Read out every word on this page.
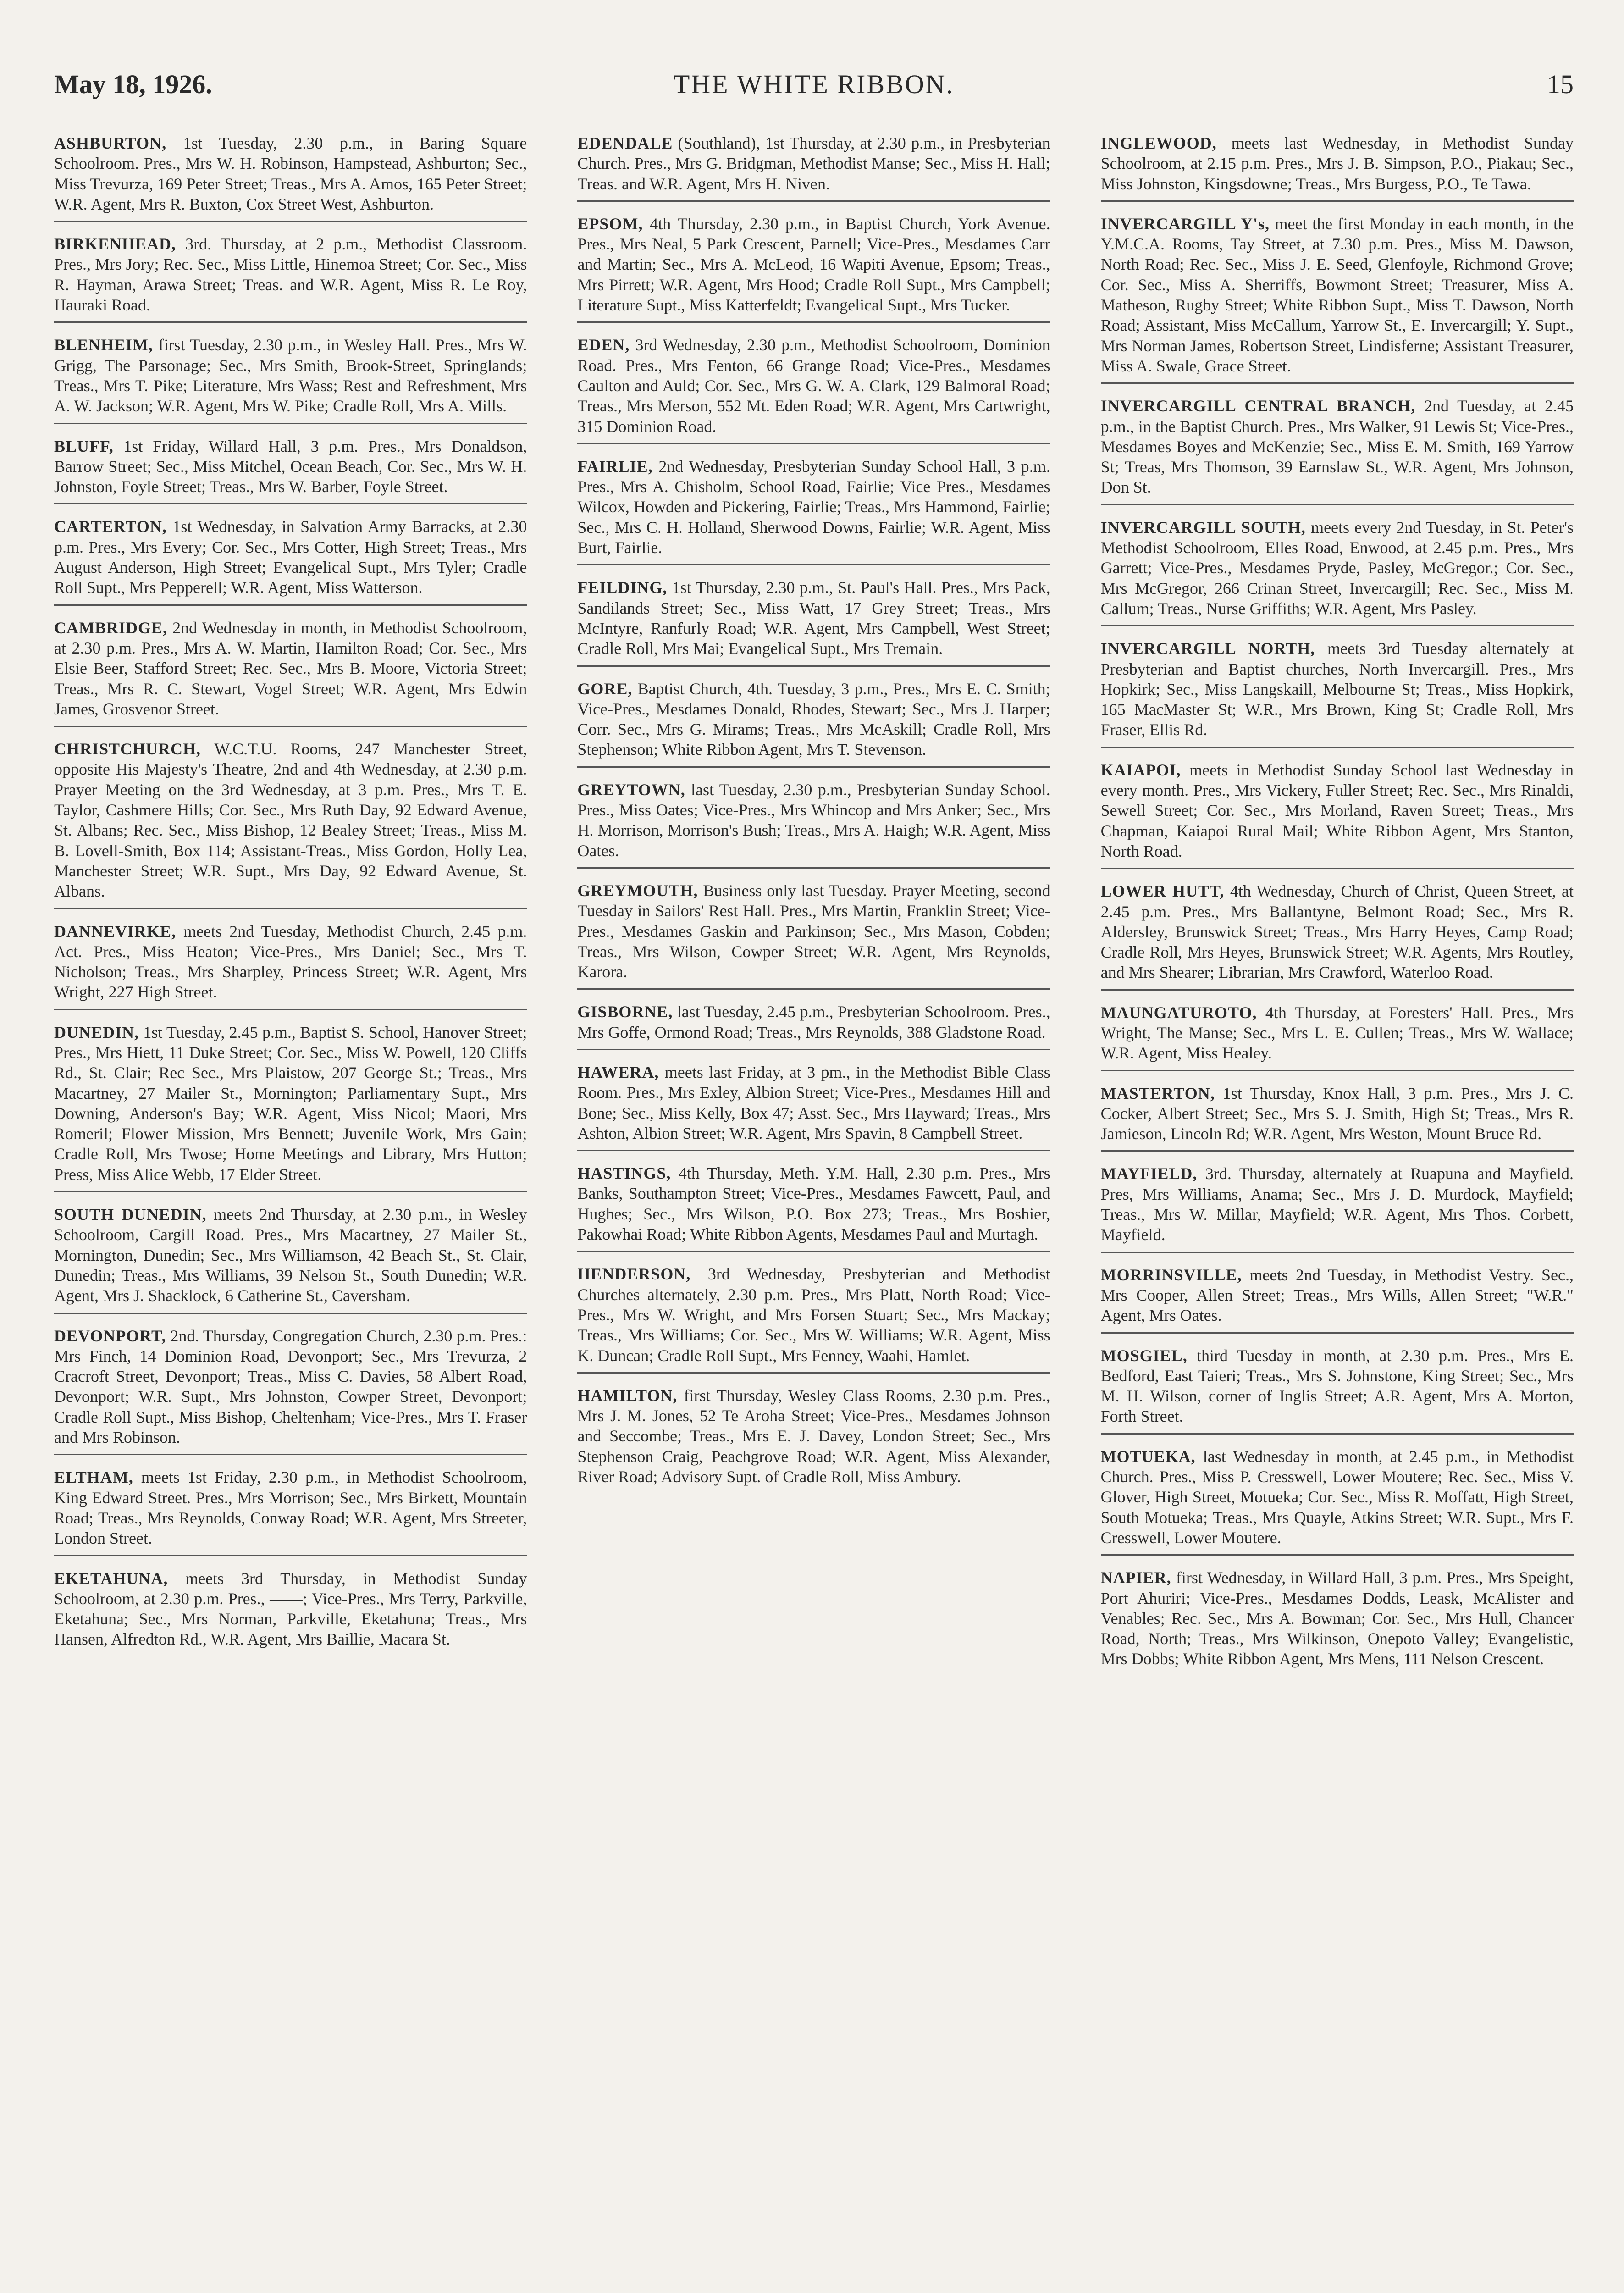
May 18, 1926.	THE WHITE RIBBON.	15

ASHBURTON, 1st Tuesday, 2.30 p.m., in Baring Square Schoolroom. Pres., Mrs W. H. Robinson, Hampstead, Ashburton; Sec., Miss Trevurza, 169 Peter Street; Treas., Mrs A. Amos, 165 Peter Street; W.R. Agent, Mrs R. Buxton, Cox Street West, Ashburton.

BIRKENHEAD, 3rd. Thursday, at 2 p.m., Methodist Classroom. Pres., Mrs Jory; Rec. Sec., Miss Little, Hinemoa Street; Cor. Sec., Miss R. Hayman, Arawa Street; Treas. and W.R. Agent, Miss R. Le Roy, Hauraki Road.

BLENHEIM, first Tuesday, 2.30 p.m., in Wesley Hall. Pres., Mrs W. Grigg, The Parsonage; Sec., Mrs Smith, Brook-Street, Springlands; Treas., Mrs T. Pike; Literature, Mrs Wass; Rest and Refreshment, Mrs A. W. Jackson; W.R. Agent, Mrs W. Pike; Cradle Roll, Mrs A. Mills.

BLUFF, 1st Friday, Willard Hall, 3 p.m. Pres., Mrs Donaldson, Barrow Street; Sec., Miss Mitchel, Ocean Beach, Cor. Sec., Mrs W. H. Johnston, Foyle Street; Treas., Mrs W. Barber, Foyle Street.

CARTERTON, 1st Wednesday, in Salvation Army Barracks, at 2.30 p.m. Pres., Mrs Every; Cor. Sec., Mrs Cotter, High Street; Treas., Mrs August Anderson, High Street; Evangelical Supt., Mrs Tyler; Cradle Roll Supt., Mrs Pepperell; W.R. Agent, Miss Watterson.

CAMBRIDGE, 2nd Wednesday in month, in Methodist Schoolroom, at 2.30 p.m. Pres., Mrs A. W. Martin, Hamilton Road; Cor. Sec., Mrs Elsie Beer, Stafford Street; Rec. Sec., Mrs B. Moore, Victoria Street; Treas., Mrs R. C. Stewart, Vogel Street; W.R. Agent, Mrs Edwin James, Grosvenor Street.

CHRISTCHURCH, W.C.T.U. Rooms, 247 Manchester Street, opposite His Majesty's Theatre, 2nd and 4th Wednesday, at 2.30 p.m. Prayer Meeting on the 3rd Wednesday, at 3 p.m. Pres., Mrs T. E. Taylor, Cashmere Hills; Cor. Sec., Mrs Ruth Day, 92 Edward Avenue, St. Albans; Rec. Sec., Miss Bishop, 12 Bealey Street; Treas., Miss M. B. Lovell-Smith, Box 114; Assistant-Treas., Miss Gordon, Holly Lea, Manchester Street; W.R. Supt., Mrs Day, 92 Edward Avenue, St. Albans.

DANNEVIRKE, meets 2nd Tuesday, Methodist Church, 2.45 p.m. Act. Pres., Miss Heaton; Vice-Pres., Mrs Daniel; Sec., Mrs T. Nicholson; Treas., Mrs Sharpley, Princess Street; W.R. Agent, Mrs Wright, 227 High Street.

DUNEDIN, 1st Tuesday, 2.45 p.m., Baptist S. School, Hanover Street; Pres., Mrs Hiett, 11 Duke Street; Cor. Sec., Miss W. Powell, 120 Cliffs Rd., St. Clair; Rec Sec., Mrs Plaistow, 207 George St.; Treas., Mrs Macartney, 27 Mailer St., Mornington; Parliamentary Supt., Mrs Downing, Anderson's Bay; W.R. Agent, Miss Nicol; Maori, Mrs Romeril; Flower Mission, Mrs Bennett; Juvenile Work, Mrs Gain; Cradle Roll, Mrs Twose; Home Meetings and Library, Mrs Hutton; Press, Miss Alice Webb, 17 Elder Street.

SOUTH DUNEDIN, meets 2nd Thursday, at 2.30 p.m., in Wesley Schoolroom, Cargill Road. Pres., Mrs Macartney, 27 Mailer St., Mornington, Dunedin; Sec., Mrs Williamson, 42 Beach St., St. Clair, Dunedin; Treas., Mrs Williams, 39 Nelson St., South Dunedin; W.R. Agent, Mrs J. Shacklock, 6 Catherine St., Caversham.

DEVONPORT, 2nd. Thursday, Congregation Church, 2.30 p.m. Pres.: Mrs Finch, 14 Dominion Road, Devonport; Sec., Mrs Trevurza, 2 Cracroft Street, Devonport; Treas., Miss C. Davies, 58 Albert Road, Devonport; W.R. Supt., Mrs Johnston, Cowper Street, Devonport; Cradle Roll Supt., Miss Bishop, Cheltenham; Vice-Pres., Mrs T. Fraser and Mrs Robinson.

ELTHAM, meets 1st Friday, 2.30 p.m., in Methodist Schoolroom, King Edward Street. Pres., Mrs Morrison; Sec., Mrs Birkett, Mountain Road; Treas., Mrs Reynolds, Conway Road; W.R. Agent, Mrs Streeter, London Street.

EKETAHUNA, meets 3rd Thursday, in Methodist Sunday Schoolroom, at 2.30 p.m. Pres., ——; Vice-Pres., Mrs Terry, Parkville, Eketahuna; Sec., Mrs Norman, Parkville, Eketahuna; Treas., Mrs Hansen, Alfredton Rd., W.R. Agent, Mrs Baillie, Macara St.

EDENDALE (Southland), 1st Thursday, at 2.30 p.m., in Presbyterian Church. Pres., Mrs G. Bridgman, Methodist Manse; Sec., Miss H. Hall; Treas. and W.R. Agent, Mrs H. Niven.

EPSOM, 4th Thursday, 2.30 p.m., in Baptist Church, York Avenue. Pres., Mrs Neal, 5 Park Crescent, Parnell; Vice-Pres., Mesdames Carr and Martin; Sec., Mrs A. McLeod, 16 Wapiti Avenue, Epsom; Treas., Mrs Pirrett; W.R. Agent, Mrs Hood; Cradle Roll Supt., Mrs Campbell; Literature Supt., Miss Katterfeldt; Evangelical Supt., Mrs Tucker.

EDEN, 3rd Wednesday, 2.30 p.m., Methodist Schoolroom, Dominion Road. Pres., Mrs Fenton, 66 Grange Road; Vice-Pres., Mesdames Caulton and Auld; Cor. Sec., Mrs G. W. A. Clark, 129 Balmoral Road; Treas., Mrs Merson, 552 Mt. Eden Road; W.R. Agent, Mrs Cartwright, 315 Dominion Road.

FAIRLIE, 2nd Wednesday, Presbyterian Sunday School Hall, 3 p.m. Pres., Mrs A. Chisholm, School Road, Fairlie; Vice Pres., Mesdames Wilcox, Howden and Pickering, Fairlie; Treas., Mrs Hammond, Fairlie; Sec., Mrs C. H. Holland, Sherwood Downs, Fairlie; W.R. Agent, Miss Burt, Fairlie.

FEILDING, 1st Thursday, 2.30 p.m., St. Paul's Hall. Pres., Mrs Pack, Sandilands Street; Sec., Miss Watt, 17 Grey Street; Treas., Mrs McIntyre, Ranfurly Road; W.R. Agent, Mrs Campbell, West Street; Cradle Roll, Mrs Mai; Evangelical Supt., Mrs Tremain.

GORE, Baptist Church, 4th. Tuesday, 3 p.m., Pres., Mrs E. C. Smith; Vice-Pres., Mesdames Donald, Rhodes, Stewart; Sec., Mrs J. Harper; Corr. Sec., Mrs G. Mirams; Treas., Mrs McAskill; Cradle Roll, Mrs Stephenson; White Ribbon Agent, Mrs T. Stevenson.

GREYTOWN, last Tuesday, 2.30 p.m., Presbyterian Sunday School. Pres., Miss Oates; Vice-Pres., Mrs Whincop and Mrs Anker; Sec., Mrs H. Morrison, Morrison's Bush; Treas., Mrs A. Haigh; W.R. Agent, Miss Oates.

GREYMOUTH, Business only last Tuesday. Prayer Meeting, second Tuesday in Sailors' Rest Hall. Pres., Mrs Martin, Franklin Street; Vice-Pres., Mesdames Gaskin and Parkinson; Sec., Mrs Mason, Cobden; Treas., Mrs Wilson, Cowper Street; W.R. Agent, Mrs Reynolds, Karora.

GISBORNE, last Tuesday, 2.45 p.m., Presbyterian Schoolroom. Pres., Mrs Goffe, Ormond Road; Treas., Mrs Reynolds, 388 Gladstone Road.

HAWERA, meets last Friday, at 3 pm., in the Methodist Bible Class Room. Pres., Mrs Exley, Albion Street; Vice-Pres., Mesdames Hill and Bone; Sec., Miss Kelly, Box 47; Asst. Sec., Mrs Hayward; Treas., Mrs Ashton, Albion Street; W.R. Agent, Mrs Spavin, 8 Campbell Street.

HASTINGS, 4th Thursday, Meth. Y.M. Hall, 2.30 p.m. Pres., Mrs Banks, Southampton Street; Vice-Pres., Mesdames Fawcett, Paul, and Hughes; Sec., Mrs Wilson, P.O. Box 273; Treas., Mrs Boshier, Pakowhai Road; White Ribbon Agents, Mesdames Paul and Murtagh.

HENDERSON, 3rd Wednesday, Presbyterian and Methodist Churches alternately, 2.30 p.m. Pres., Mrs Platt, North Road; Vice-Pres., Mrs W. Wright, and Mrs Forsen Stuart; Sec., Mrs Mackay; Treas., Mrs Williams; Cor. Sec., Mrs W. Williams; W.R. Agent, Miss K. Duncan; Cradle Roll Supt., Mrs Fenney, Waahi, Hamlet.

HAMILTON, first Thursday, Wesley Class Rooms, 2.30 p.m. Pres., Mrs J. M. Jones, 52 Te Aroha Street; Vice-Pres., Mesdames Johnson and Seccombe; Treas., Mrs E. J. Davey, London Street; Sec., Mrs Stephenson Craig, Peachgrove Road; W.R. Agent, Miss Alexander, River Road; Advisory Supt. of Cradle Roll, Miss Ambury.

INGLEWOOD, meets last Wednesday, in Methodist Sunday Schoolroom, at 2.15 p.m. Pres., Mrs J. B. Simpson, P.O., Piakau; Sec., Miss Johnston, Kingsdowne; Treas., Mrs Burgess, P.O., Te Tawa.

INVERCARGILL Y's, meet the first Monday in each month, in the Y.M.C.A. Rooms, Tay Street, at 7.30 p.m. Pres., Miss M. Dawson, North Road; Rec. Sec., Miss J. E. Seed, Glenfoyle, Richmond Grove; Cor. Sec., Miss A. Sherriffs, Bowmont Street; Treasurer, Miss A. Matheson, Rugby Street; White Ribbon Supt., Miss T. Dawson, North Road; Assistant, Miss McCallum, Yarrow St., E. Invercargill; Y. Supt., Mrs Norman James, Robertson Street, Lindisferne; Assistant Treasurer, Miss A. Swale, Grace Street.

INVERCARGILL CENTRAL BRANCH, 2nd Tuesday, at 2.45 p.m., in the Baptist Church. Pres., Mrs Walker, 91 Lewis St; Vice-Pres., Mesdames Boyes and McKenzie; Sec., Miss E. M. Smith, 169 Yarrow St; Treas, Mrs Thomson, 39 Earnslaw St., W.R. Agent, Mrs Johnson, Don St.

INVERCARGILL SOUTH, meets every 2nd Tuesday, in St. Peter's Methodist Schoolroom, Elles Road, Enwood, at 2.45 p.m. Pres., Mrs Garrett; Vice-Pres., Mesdames Pryde, Pasley, McGregor.; Cor. Sec., Mrs McGregor, 266 Crinan Street, Invercargill; Rec. Sec., Miss M. Callum; Treas., Nurse Griffiths; W.R. Agent, Mrs Pasley.

INVERCARGILL NORTH, meets 3rd Tuesday alternately at Presbyterian and Baptist churches, North Invercargill. Pres., Mrs Hopkirk; Sec., Miss Langskaill, Melbourne St; Treas., Miss Hopkirk, 165 MacMaster St; W.R., Mrs Brown, King St; Cradle Roll, Mrs Fraser, Ellis Rd.

KAIAPOI, meets in Methodist Sunday School last Wednesday in every month. Pres., Mrs Vickery, Fuller Street; Rec. Sec., Mrs Rinaldi, Sewell Street; Cor. Sec., Mrs Morland, Raven Street; Treas., Mrs Chapman, Kaiapoi Rural Mail; White Ribbon Agent, Mrs Stanton, North Road.

LOWER HUTT, 4th Wednesday, Church of Christ, Queen Street, at 2.45 p.m. Pres., Mrs Ballantyne, Belmont Road; Sec., Mrs R. Aldersley, Brunswick Street; Treas., Mrs Harry Heyes, Camp Road; Cradle Roll, Mrs Heyes, Brunswick Street; W.R. Agents, Mrs Routley, and Mrs Shearer; Librarian, Mrs Crawford, Waterloo Road.

MAUNGATUROTO, 4th Thursday, at Foresters' Hall. Pres., Mrs Wright, The Manse; Sec., Mrs L. E. Cullen; Treas., Mrs W. Wallace; W.R. Agent, Miss Healey.

MASTERTON, 1st Thursday, Knox Hall, 3 p.m. Pres., Mrs J. C. Cocker, Albert Street; Sec., Mrs S. J. Smith, High St; Treas., Mrs R. Jamieson, Lincoln Rd; W.R. Agent, Mrs Weston, Mount Bruce Rd.

MAYFIELD, 3rd. Thursday, alternately at Ruapuna and Mayfield. Pres, Mrs Williams, Anama; Sec., Mrs J. D. Murdock, Mayfield; Treas., Mrs W. Millar, Mayfield; W.R. Agent, Mrs Thos. Corbett, Mayfield.

MORRINSVILLE, meets 2nd Tuesday, in Methodist Vestry. Sec., Mrs Cooper, Allen Street; Treas., Mrs Wills, Allen Street; "W.R." Agent, Mrs Oates.

MOSGIEL, third Tuesday in month, at 2.30 p.m. Pres., Mrs E. Bedford, East Taieri; Treas., Mrs S. Johnstone, King Street; Sec., Mrs M. H. Wilson, corner of Inglis Street; A.R. Agent, Mrs A. Morton, Forth Street.

MOTUEKA, last Wednesday in month, at 2.45 p.m., in Methodist Church. Pres., Miss P. Cresswell, Lower Moutere; Rec. Sec., Miss V. Glover, High Street, Motueka; Cor. Sec., Miss R. Moffatt, High Street, South Motueka; Treas., Mrs Quayle, Atkins Street; W.R. Supt., Mrs F. Cresswell, Lower Moutere.

NAPIER, first Wednesday, in Willard Hall, 3 p.m. Pres., Mrs Speight, Port Ahuriri; Vice-Pres., Mesdames Dodds, Leask, McAlister and Venables; Rec. Sec., Mrs A. Bowman; Cor. Sec., Mrs Hull, Chancer Road, North; Treas., Mrs Wilkinson, Onepoto Valley; Evangelistic, Mrs Dobbs; White Ribbon Agent, Mrs Mens, 111 Nelson Crescent.
